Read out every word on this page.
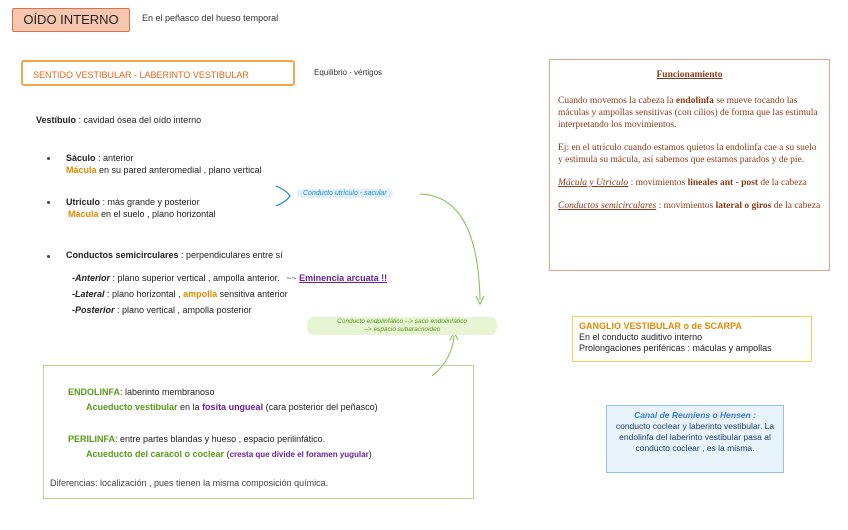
OÍDO INTERNO	En el peñasco del hueso temporal
SENTIDO VESTIBULAR - LABERINTO VESTIBULAR	Equilibrio - vértigos
Vestíbulo : cavidad ósea del oído interno
Sáculo : anterior
Mácula en su pared anteromedial , plano vertical
Utrículo : más grande y posterior
Mácula en el suelo , plano horizontal
Conducto utrículo - sacular
Conductos semicirculares : perpendiculares entre sí
-Anterior : plano superior vertical , ampolla anterior. ~~ Eminencia arcuata !!
-Lateral : plano horizontal , ampolla sensitiva anterior
-Posterior : plano vertical , ampolla posterior
Conducto endolinfático --> saco endolinfático
--> espacio subaracnoideo
ENDOLINFA: laberinto membranoso
Acueducto vestibular en la fosita ungueal (cara posterior del peñasco)
PERILINFA: entre partes blandas y hueso , espacio perilinfático.
Acueducto del caracol o coclear (cresta que divide el foramen yugular)
Diferencias: localización , pues tienen la misma composición química.
Funcionamiento

Cuando movemos la cabeza la endolinfa se mueve tocando las máculas y ampollas sensitivas (con cilios) de forma que las estimula interpretando los movimientos.

Ej: en el utrículo cuando estamos quietos la endolinfa cae a su suelo y estimula su mácula, así sabemos que estamos parados y de pie.

Mácula y Utrículo : movimientos lineales ant - post de la cabeza

Conductos semicirculares : movimientos lateral o giros de la cabeza

GANGLIO VESTIBULAR o de SCARPA
En el conducto auditivo interno
Prolongaciones periféricas : máculas y ampollas
Canal de Reuniens o Hensen :
conducto coclear y laberinto vestibular. La endolinfa del laberinto vestibular pasa al conducto coclear , es la misma.
